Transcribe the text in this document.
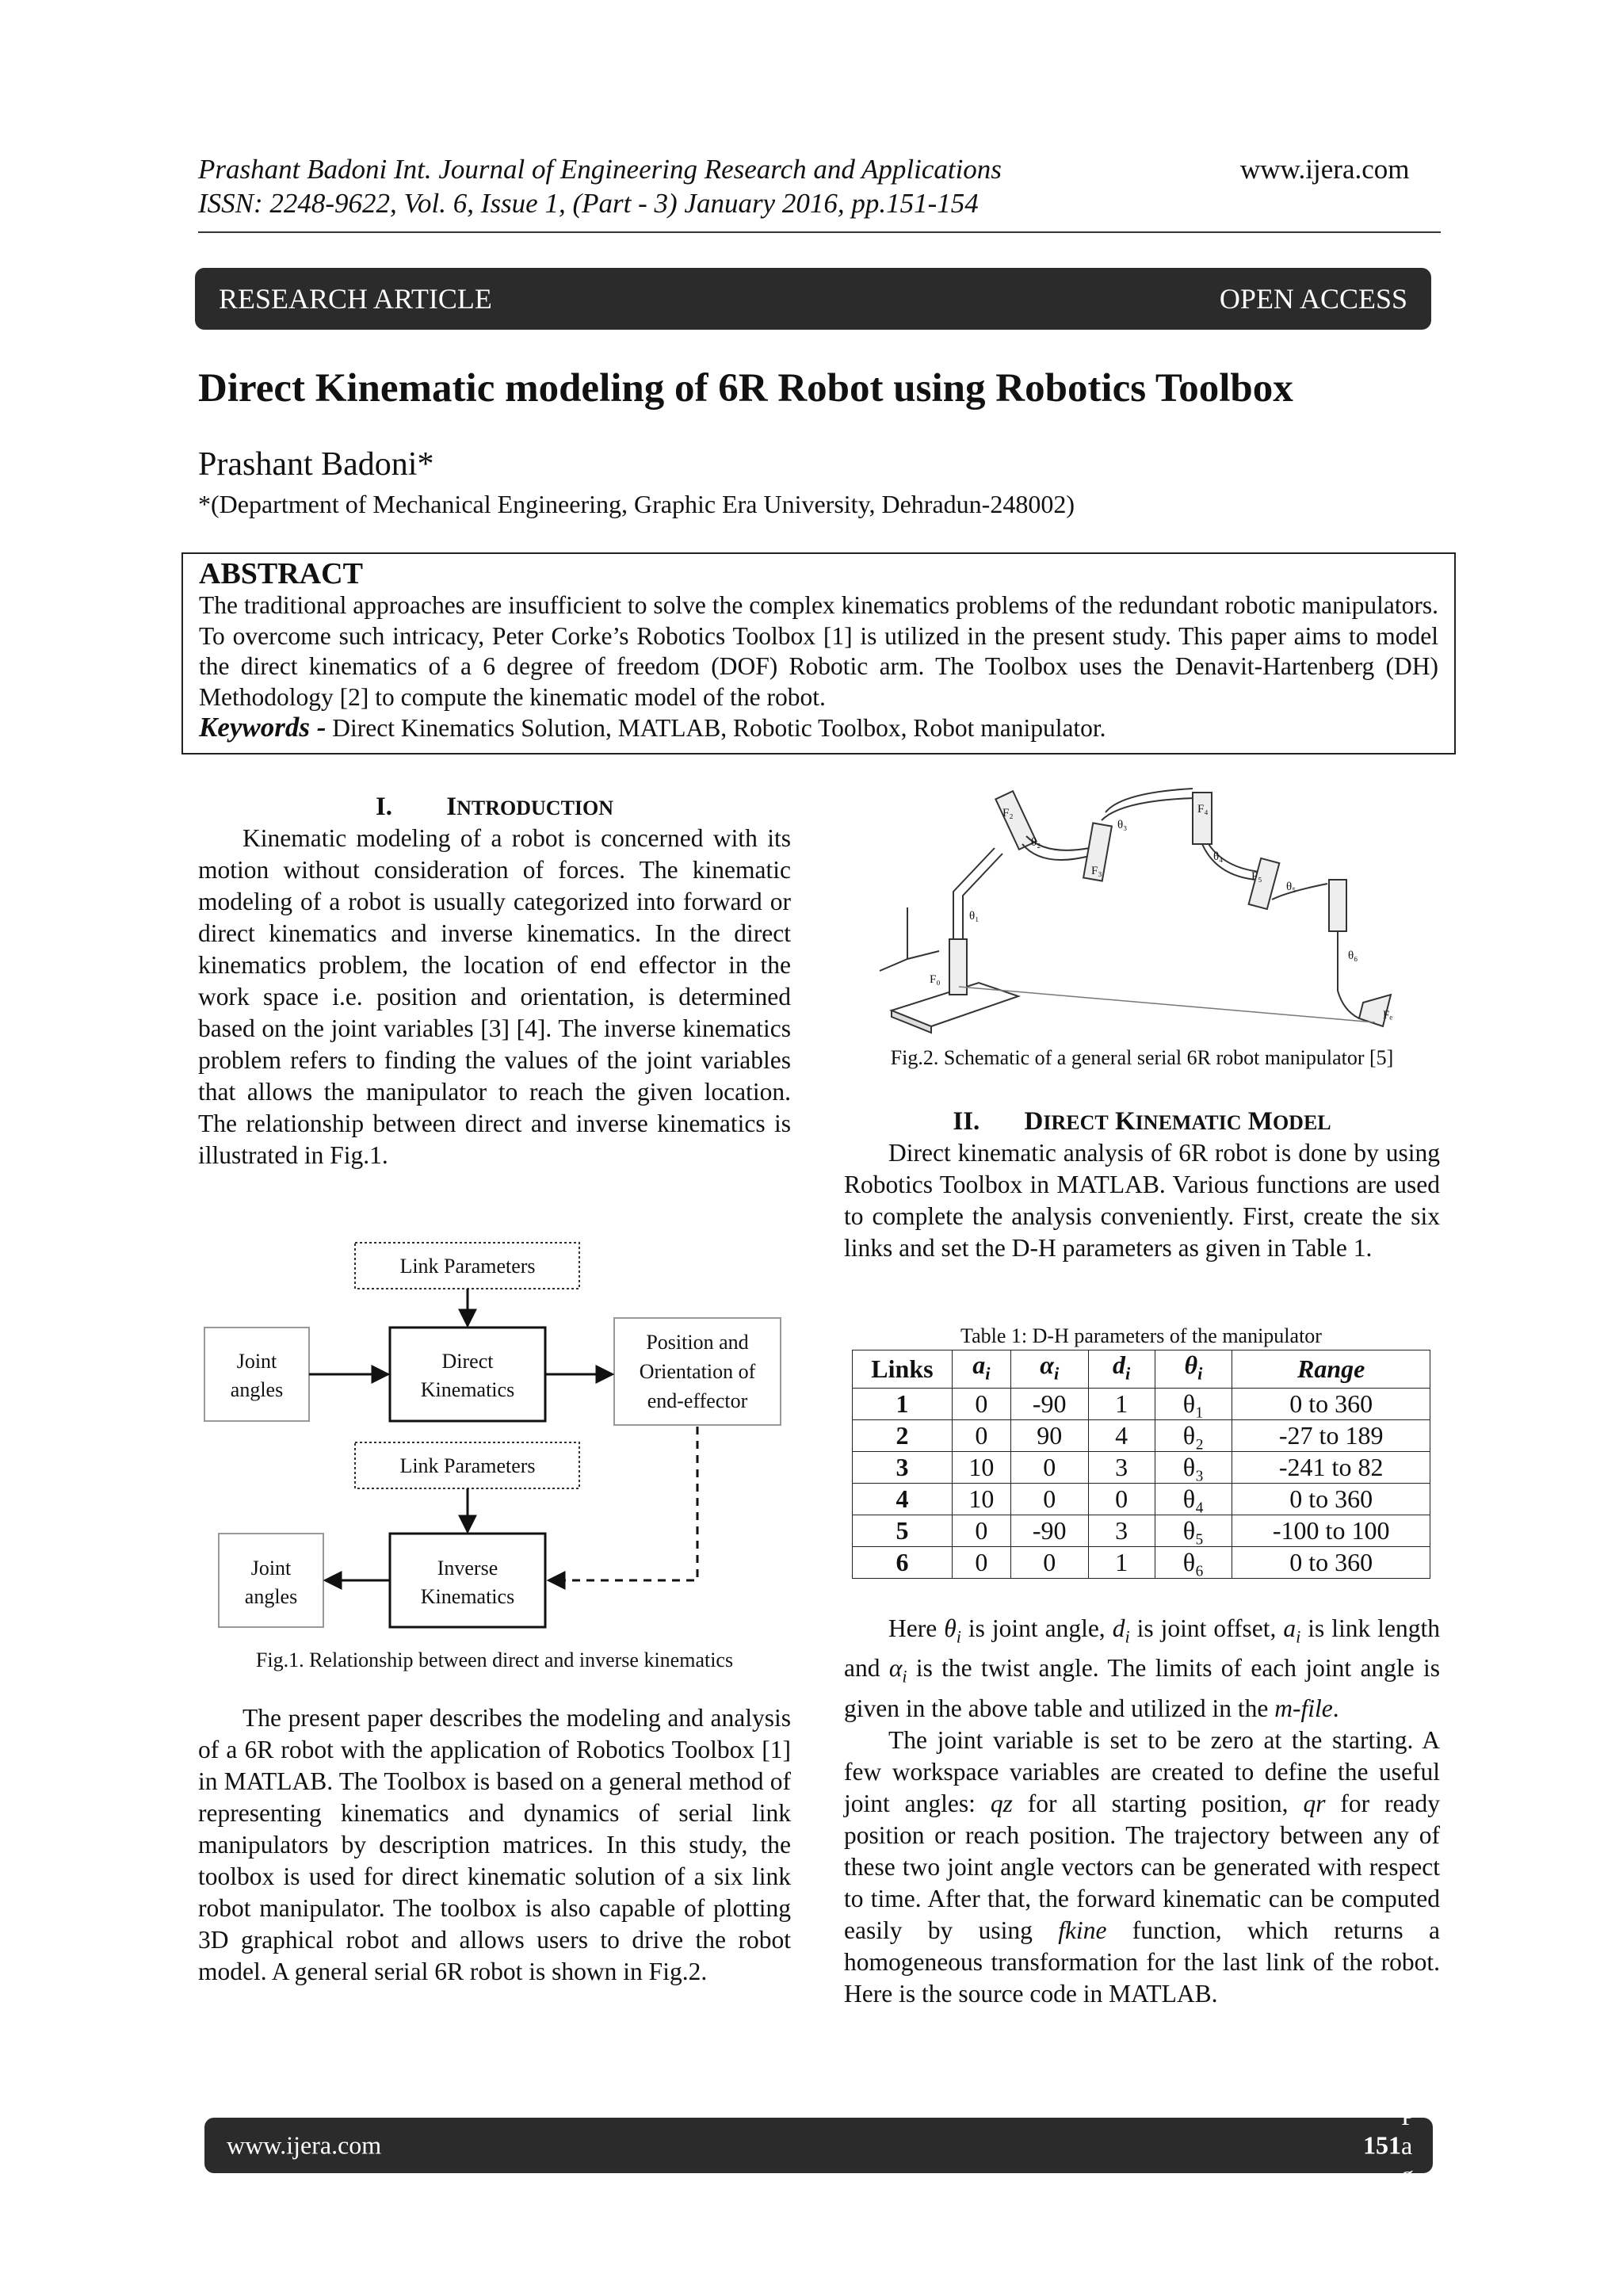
Prashant Badoni Int. Journal of Engineering Research and Applications	www.ijera.com
ISSN: 2248-9622, Vol. 6, Issue 1, (Part - 3) January 2016, pp.151-154
RESEARCH ARTICLE	OPEN ACCESS
Direct Kinematic modeling of 6R Robot using Robotics Toolbox
Prashant Badoni*
*(Department of Mechanical Engineering, Graphic Era University, Dehradun-248002)
ABSTRACT
The traditional approaches are insufficient to solve the complex kinematics problems of the redundant robotic manipulators. To overcome such intricacy, Peter Corke’s Robotics Toolbox [1] is utilized in the present study. This paper aims to model the direct kinematics of a 6 degree of freedom (DOF) Robotic arm. The Toolbox uses the Denavit-Hartenberg (DH) Methodology [2] to compute the kinematic model of the robot.
Keywords - Direct Kinematics Solution, MATLAB, Robotic Toolbox, Robot manipulator.
I. INTRODUCTION

Kinematic modeling of a robot is concerned with its motion without consideration of forces. The kinematic modeling of a robot is usually categorized into forward or direct kinematics and inverse kinematics. In the direct kinematics problem, the location of end effector in the work space i.e. position and orientation, is determined based on the joint variables [3] [4]. The inverse kinematics problem refers to finding the values of the joint variables that allows the manipulator to reach the given location. The relationship between direct and inverse kinematics is illustrated in Fig.1.

Link Parameters
Joint
angles
Direct
Kinematics
Position and
Orientation of
end-effector
Link Parameters
Joint
angles
Inverse
Kinematics
Fig.1. Relationship between direct and inverse kinematics

The present paper describes the modeling and analysis of a 6R robot with the application of Robotics Toolbox [1] in MATLAB. The Toolbox is based on a general method of representing kinematics and dynamics of serial link manipulators by description matrices. In this study, the toolbox is used for direct kinematic solution of a six link robot manipulator. The toolbox is also capable of plotting 3D graphical robot and allows users to drive the robot model. A general serial 6R robot is shown in Fig.2.

F₀
θ₁
F₂
θ₂
F₃
θ₃
F₄
θ₄
F₅
θ₅
θ₆
Fₑ
Fig.2. Schematic of a general serial 6R robot manipulator [5]
II. DIRECT KINEMATIC MODEL

Direct kinematic analysis of 6R robot is done by using Robotics Toolbox in MATLAB. Various functions are used to complete the analysis conveniently. First, create the six links and set the D-H parameters as given in Table 1.

Table 1: D-H parameters of the manipulator
Links	$a_i$	$\alpha_i$	$d_i$	$\theta_i$	Range
1	0	-90	1	θ₁	0 to 360
2	0	90	4	θ₂	-27 to 189
3	10	0	3	θ₃	-241 to 82
4	10	0	0	θ₄	0 to 360
5	0	-90	3	θ₅	-100 to 100
6	0	0	1	θ₆	0 to 360

Here $\theta_i$ is joint angle, $d_i$ is joint offset, $a_i$ is link length and $\alpha_i$ is the twist angle. The limits of each joint angle is given in the above table and utilized in the m-file.

The joint variable is set to be zero at the starting. A few workspace variables are created to define the useful joint angles: qz for all starting position, qr for ready position or reach position. The trajectory between any of these two joint angle vectors can be generated with respect to time. After that, the forward kinematic can be computed easily by using fkine function, which returns a homogeneous transformation for the last link of the robot. Here is the source code in MATLAB.

www.ijera.com	151
| P a g e
